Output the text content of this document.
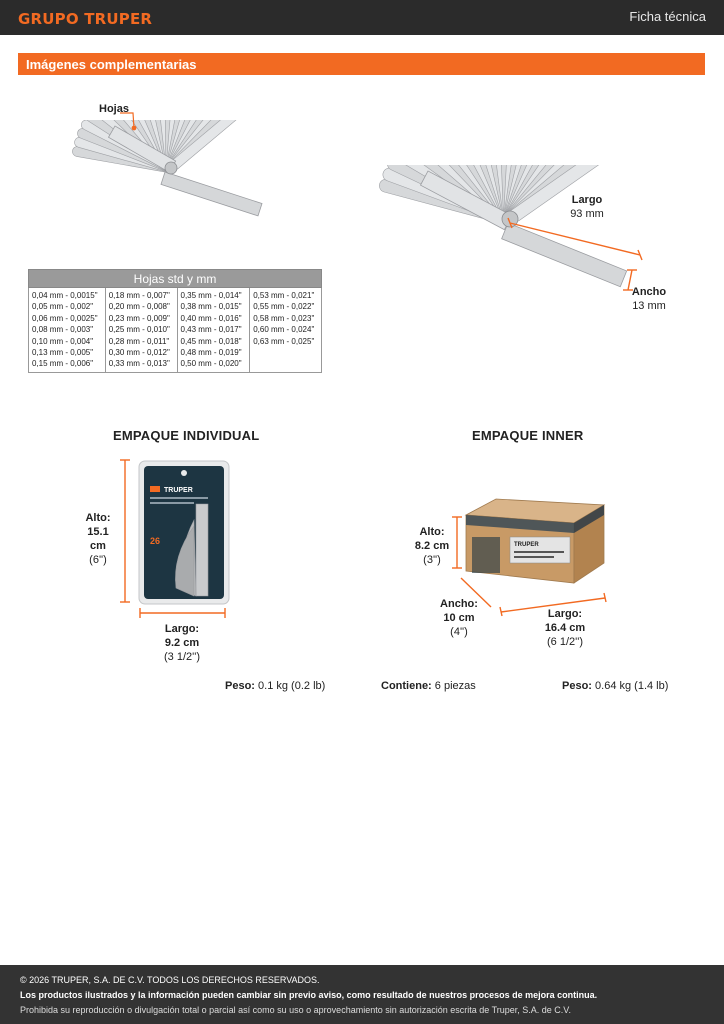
GRUPO TRUPER	Ficha técnica
Imágenes complementarias
Hojas
Hojas std y mm

0,04 mm - 0,0015"
0,05 mm - 0,002"
0,06 mm - 0,0025"
0,08 mm - 0,003"
0,10 mm - 0,004"
0,13 mm - 0,005"
0,15 mm - 0,006"

0,18 mm - 0,007"
0,20 mm - 0,008"
0,23 mm - 0,009"
0,25 mm - 0,010"
0,28 mm - 0,011"
0,30 mm - 0,012"
0,33 mm - 0,013"

0,35 mm - 0,014"
0,38 mm - 0,015"
0,40 mm - 0,016"
0,43 mm - 0,017"
0,45 mm - 0,018"
0,48 mm - 0,019"
0,50 mm - 0,020"

0,53 mm - 0,021"
0,55 mm - 0,022"
0,58 mm - 0,023"
0,60 mm - 0,024"
0,63 mm - 0,025"
Largo
93 mm
Ancho
13 mm
EMPAQUE INDIVIDUAL
TRUPER
26
Alto:
15.1 cm
(6'')
Largo:
9.2 cm
(3 1/2'')
Peso: 0.1 kg (0.2 lb)
EMPAQUE INNER
TRUPER
Alto:
8.2 cm
(3'')
Ancho:
10 cm
(4'')
Largo:
16.4 cm
(6 1/2'')
Contiene: 6 piezas	Peso: 0.64 kg (1.4 lb)
© 2026 TRUPER, S.A. DE C.V. TODOS LOS DERECHOS RESERVADOS.
Los productos ilustrados y la información pueden cambiar sin previo aviso, como resultado de nuestros procesos de mejora continua.
Prohibida su reproducción o divulgación total o parcial así como su uso o aprovechamiento sin autorización escrita de Truper, S.A. de C.V.
